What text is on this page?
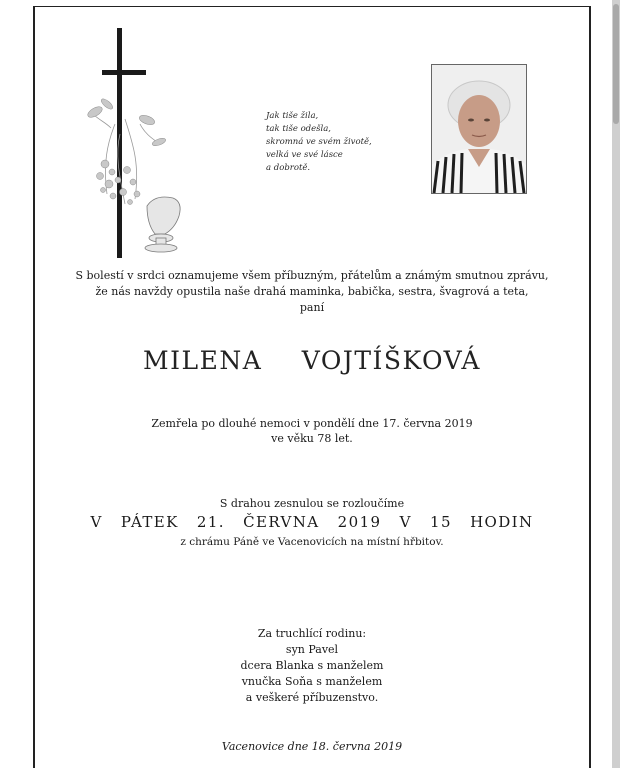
Jak tiše žila,
tak tiše odešla,
skromná ve svém životě,
velká ve své lásce
a dobrotě.
S bolestí v srdci oznamujeme všem příbuzným, přátelům a známým smutnou zprávu,
že nás navždy opustila naše drahá maminka, babička, sestra, švagrová a teta,
paní
MILENA VOJTÍŠKOVÁ
Zemřela po dlouhé nemoci v pondělí dne 17. června 2019
ve věku 78 let.
S drahou zesnulou se rozloučíme
V PÁTEK 21. ČERVNA 2019 V 15 HODIN
z chrámu Páně ve Vacenovicích na místní hřbitov.
Za truchlící rodinu:
syn Pavel
dcera Blanka s manželem
vnučka Soňa s manželem
a veškeré příbuzenstvo.
Vacenovice dne 18. června 2019
